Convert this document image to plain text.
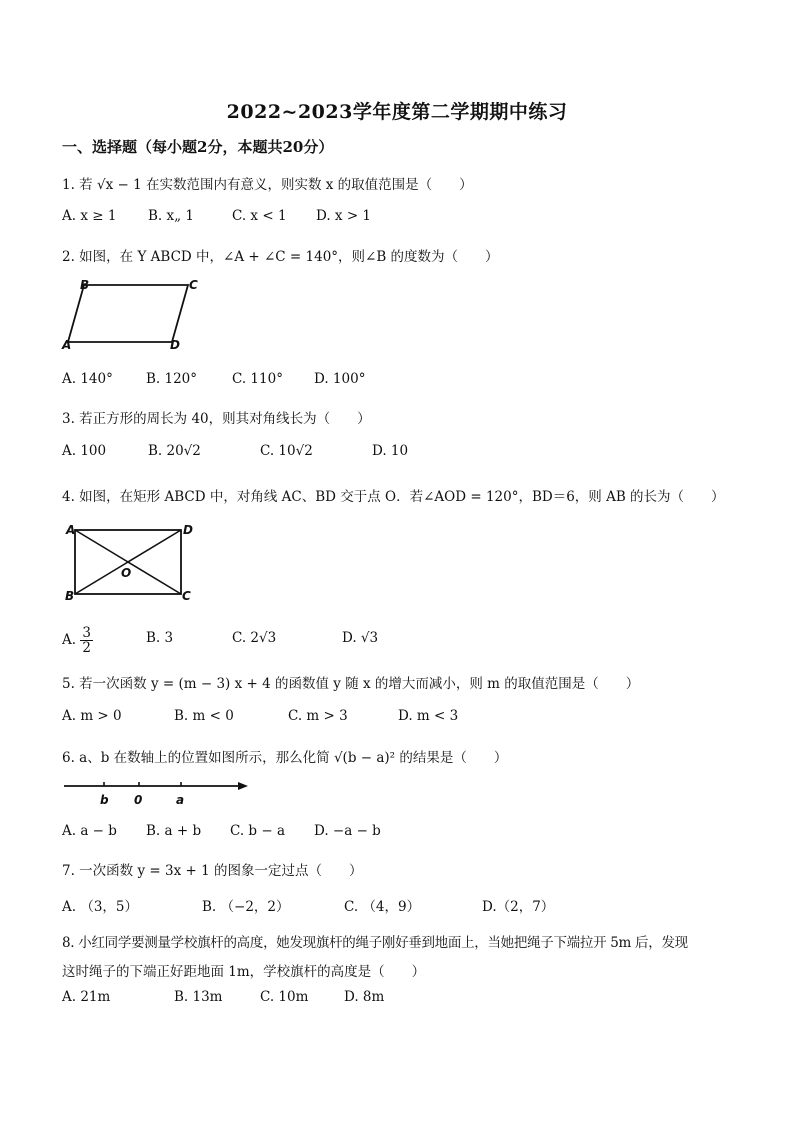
2022~2023学年度第二学期期中练习
一、选择题（每小题2分，本题共20分）
1. 若 √x − 1 在实数范围内有意义，则实数 x 的取值范围是（　　）
A. x ≥ 1 B. x„ 1	C. x < 1 D. x > 1
2. 如图，在 Y ABCD 中，∠A + ∠C = 140°，则∠B 的度数为（　　）
B	C
A	D
A. 140° B. 120°	C. 110° D. 100°
3. 若正方形的周长为 40，则其对角线长为（　　）
A. 100	B. 20√2	C. 10√2	D. 10
4. 如图，在矩形 ABCD 中，对角线 AC、BD 交于点 O．若∠AOD = 120°，BD＝6，则 AB 的长为（　　）
A	D
O
B	C
A. $\frac{3}{2}$	B. 3	C. 2√3	D. √3
5. 若一次函数 y = (m − 3) x + 4 的函数值 y 随 x 的增大而减小，则 m 的取值范围是（　　）
A. m > 0	B. m < 0	C. m > 3	D. m < 3
6. a、b 在数轴上的位置如图所示，那么化简 √(b − a)² 的结果是（　　）
b 0	a
A. a − b B. a + b C. b − a D. −a − b
7. 一次函数 y = 3x + 1 的图象一定过点（　　）
A. （3，5）	B. （−2，2）	C. （4，9）	D.（2，7）
8. 小红同学要测量学校旗杆的高度，她发现旗杆的绳子刚好垂到地面上，当她把绳子下端拉开 5m 后，发现
这时绳子的下端正好距地面 1m，学校旗杆的高度是（　　）
A. 21m	B. 13m	C. 10m	D. 8m
